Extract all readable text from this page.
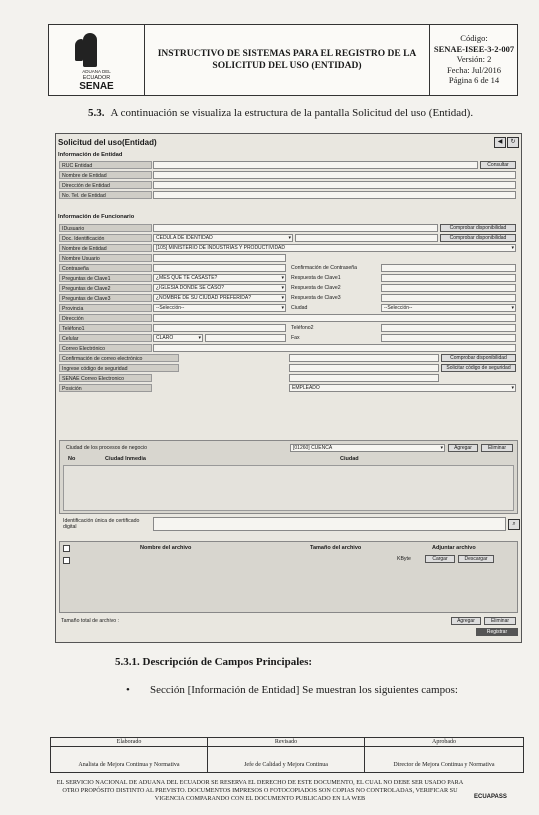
ADUANA DEL
ECUADOR
SENAE
INSTRUCTIVO DE SISTEMAS PARA EL REGISTRO DE LA SOLICITUD DEL USO (ENTIDAD)
Código:
SENAE-ISEE-3-2-007
Versión: 2
Fecha: Jul/2016
Página 6 de 14
5.3. A continuación se visualiza la estructura de la pantalla Solicitud del uso (Entidad).
Solicitud del uso(Entidad)	◀	↻
Información de Entidad
RUC Entidad	Consultar
Nombre de Entidad
Dirección de Entidad
No. Tel. de Entidad
Información de Funcionario
IDusuario	Comprobar disponibilidad
Doc. Identificación	CEDULA DE IDENTIDAD ▾	Comprobar disponibilidad
Nombre de Entidad	[105] MINISTERIO DE INDUSTRIAS Y PRODUCTIVIDAD ▾
Nombre Usuario
Contraseña	Confirmación de Contraseña
Preguntas de Clave1	¿MES QUE TE CASASTE? ▾	Respuesta de Clave1
Preguntas de Clave2	¿IGLESIA DONDE SE CASO? ▾	Respuesta de Clave2
Preguntas de Clave3	¿NOMBRE DE SU CIUDAD PREFERIDA? ▾	Respuesta de Clave3
Provincia	--Selección-- ▾	Ciudad	--Selección-- ▾
Dirección
Teléfono1	Teléfono2
Celular	CLARO ▾	Fax
Correo Electrónico
Confirmación de correo electrónico	Comprobar disponibilidad
Ingrese código de seguridad	Solicitar código de seguridad
SENAE Correo Electronico
Posición	EMPLEADO ▾
Ciudad de los procesos de negocio	[01260] CUENCA ▾	Agregar	Eliminar
No	Ciudad Inmedia	Ciudad
Identificación única de certificado digital	⌕
Nombre del archivo	Tamaño del archivo	Adjuntar archivo
KByte	Cargar	Descargar
Tamaño total de archivo :	Agregar	Eliminar
Registrar
5.3.1. Descripción de Campos Principales:
• Sección [Información de Entidad] Se muestran los siguientes campos:
Elaborado
Analista de Mejora Continua y Normativa
Revisado
Jefe de Calidad y Mejora Continua
Aprobado
Director de Mejora Continua y Normativa
EL SERVICIO NACIONAL DE ADUANA DEL ECUADOR SE RESERVA EL DERECHO DE ESTE DOCUMENTO, EL CUAL NO DEBE SER USADO PARA OTRO PROPÓSITO DISTINTO AL PREVISTO. DOCUMENTOS IMPRESOS O FOTOCOPIADOS SON COPIAS NO CONTROLADAS, VERIFICAR SU VIGENCIA COMPARANDO CON EL DOCUMENTO PUBLICADO EN LA WEB	ECUAPASS
